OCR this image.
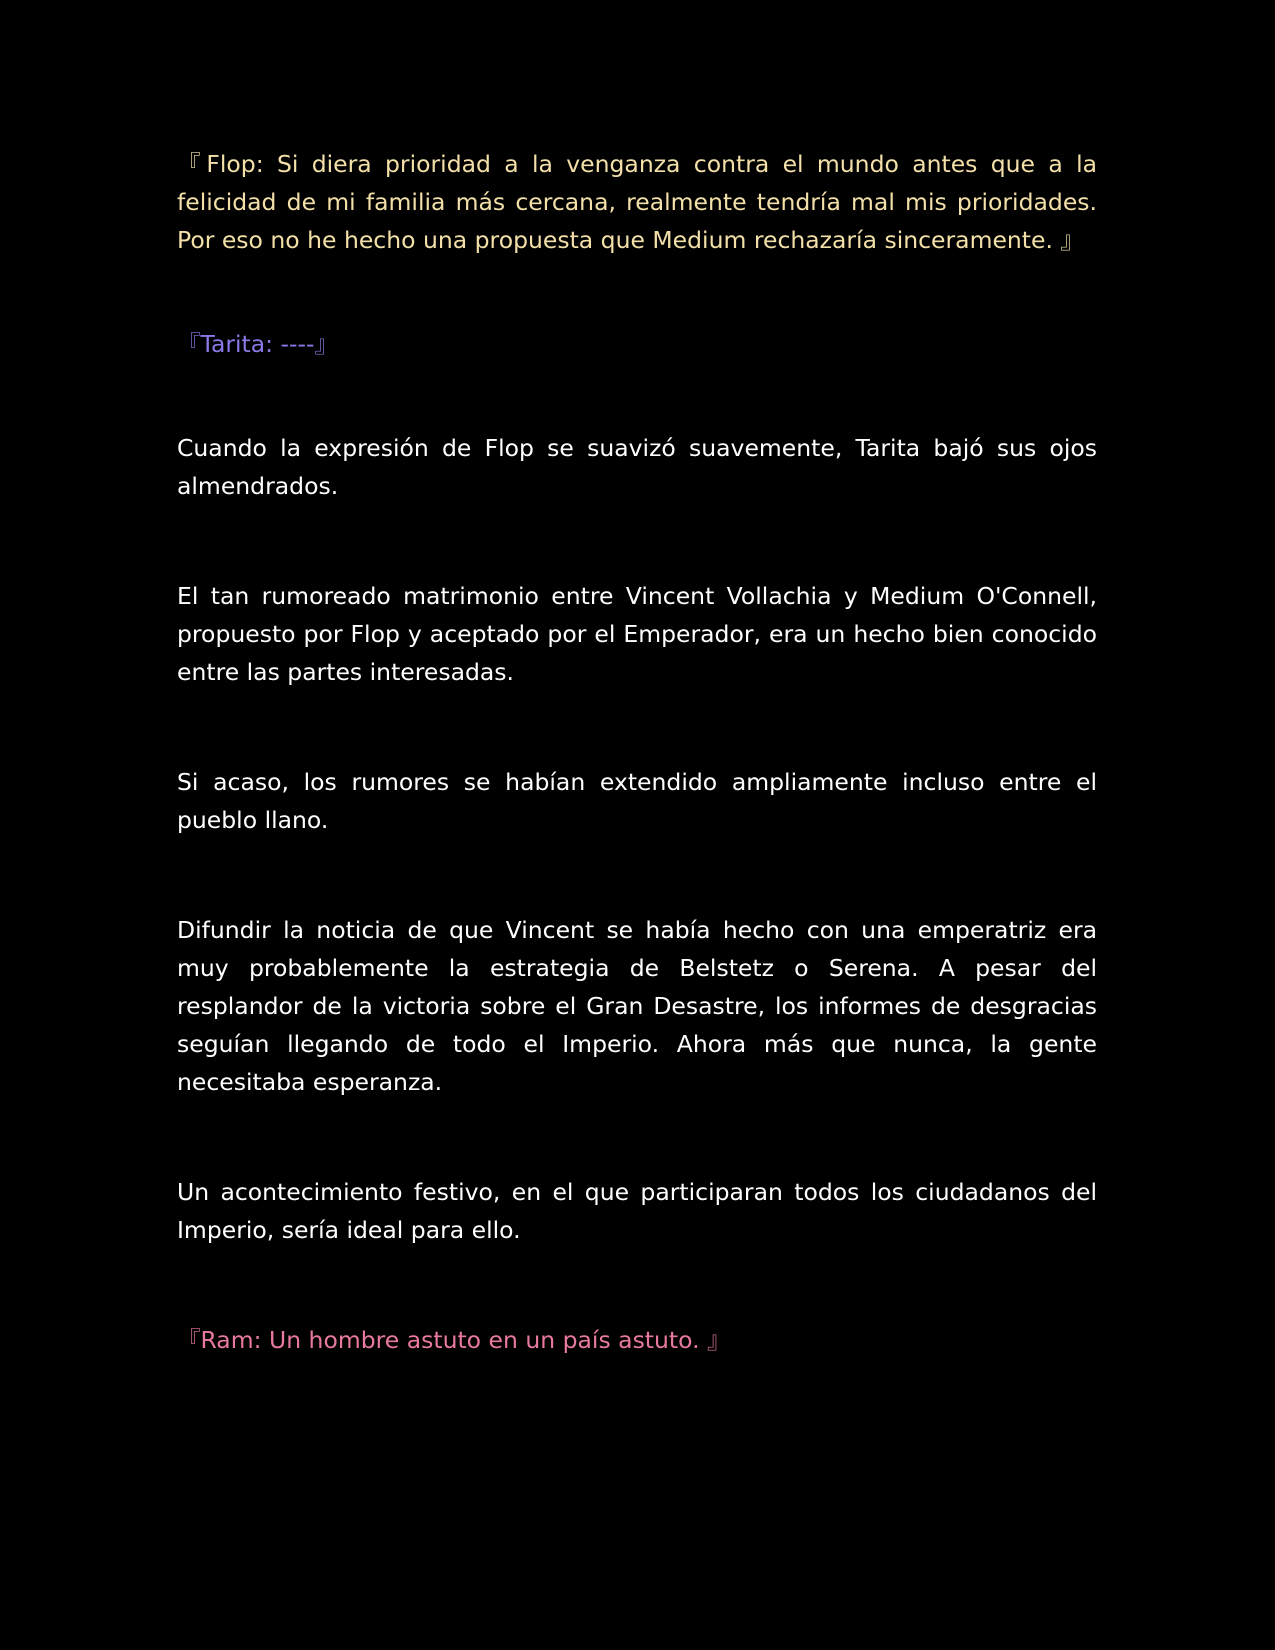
『Flop: Si diera prioridad a la venganza contra el mundo antes que a la felicidad de mi familia más cercana, realmente tendría mal mis prioridades. Por eso no he hecho una propuesta que Medium rechazaría sinceramente. 』

『Tarita: ----』

Cuando la expresión de Flop se suavizó suavemente, Tarita bajó sus ojos almendrados.

El tan rumoreado matrimonio entre Vincent Vollachia y Medium O'Connell, propuesto por Flop y aceptado por el Emperador, era un hecho bien conocido entre las partes interesadas.

Si acaso, los rumores se habían extendido ampliamente incluso entre el pueblo llano.

Difundir la noticia de que Vincent se había hecho con una emperatriz era muy probablemente la estrategia de Belstetz o Serena. A pesar del resplandor de la victoria sobre el Gran Desastre, los informes de desgracias seguían llegando de todo el Imperio. Ahora más que nunca, la gente necesitaba esperanza.

Un acontecimiento festivo, en el que participaran todos los ciudadanos del Imperio, sería ideal para ello.

『Ram: Un hombre astuto en un país astuto. 』
